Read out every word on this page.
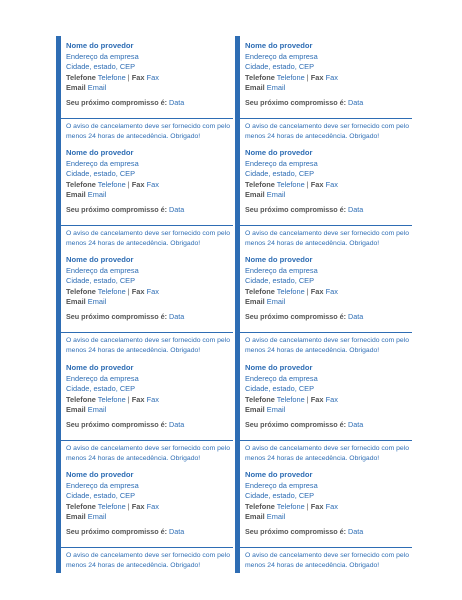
Nome do provedor
Endereço da empresa
Cidade, estado, CEP
Telefone Telefone | Fax Fax
Email Email
Seu próximo compromisso é: Data
O aviso de cancelamento deve ser fornecido com pelo menos 24 horas de antecedência. Obrigado!
Nome do provedor
Endereço da empresa
Cidade, estado, CEP
Telefone Telefone | Fax Fax
Email Email
Seu próximo compromisso é: Data
O aviso de cancelamento deve ser fornecido com pelo menos 24 horas de antecedência. Obrigado!
Nome do provedor
Endereço da empresa
Cidade, estado, CEP
Telefone Telefone | Fax Fax
Email Email
Seu próximo compromisso é: Data
O aviso de cancelamento deve ser fornecido com pelo menos 24 horas de antecedência. Obrigado!
Nome do provedor
Endereço da empresa
Cidade, estado, CEP
Telefone Telefone | Fax Fax
Email Email
Seu próximo compromisso é: Data
O aviso de cancelamento deve ser fornecido com pelo menos 24 horas de antecedência. Obrigado!
Nome do provedor
Endereço da empresa
Cidade, estado, CEP
Telefone Telefone | Fax Fax
Email Email
Seu próximo compromisso é: Data
O aviso de cancelamento deve ser fornecido com pelo menos 24 horas de antecedência. Obrigado!
Nome do provedor
Endereço da empresa
Cidade, estado, CEP
Telefone Telefone | Fax Fax
Email Email
Seu próximo compromisso é: Data
O aviso de cancelamento deve ser fornecido com pelo menos 24 horas de antecedência. Obrigado!
Nome do provedor
Endereço da empresa
Cidade, estado, CEP
Telefone Telefone | Fax Fax
Email Email
Seu próximo compromisso é: Data
O aviso de cancelamento deve ser fornecido com pelo menos 24 horas de antecedência. Obrigado!
Nome do provedor
Endereço da empresa
Cidade, estado, CEP
Telefone Telefone | Fax Fax
Email Email
Seu próximo compromisso é: Data
O aviso de cancelamento deve ser fornecido com pelo menos 24 horas de antecedência. Obrigado!
Nome do provedor
Endereço da empresa
Cidade, estado, CEP
Telefone Telefone | Fax Fax
Email Email
Seu próximo compromisso é: Data
O aviso de cancelamento deve ser fornecido com pelo menos 24 horas de antecedência. Obrigado!
Nome do provedor
Endereço da empresa
Cidade, estado, CEP
Telefone Telefone | Fax Fax
Email Email
Seu próximo compromisso é: Data
O aviso de cancelamento deve ser fornecido com pelo menos 24 horas de antecedência. Obrigado!
